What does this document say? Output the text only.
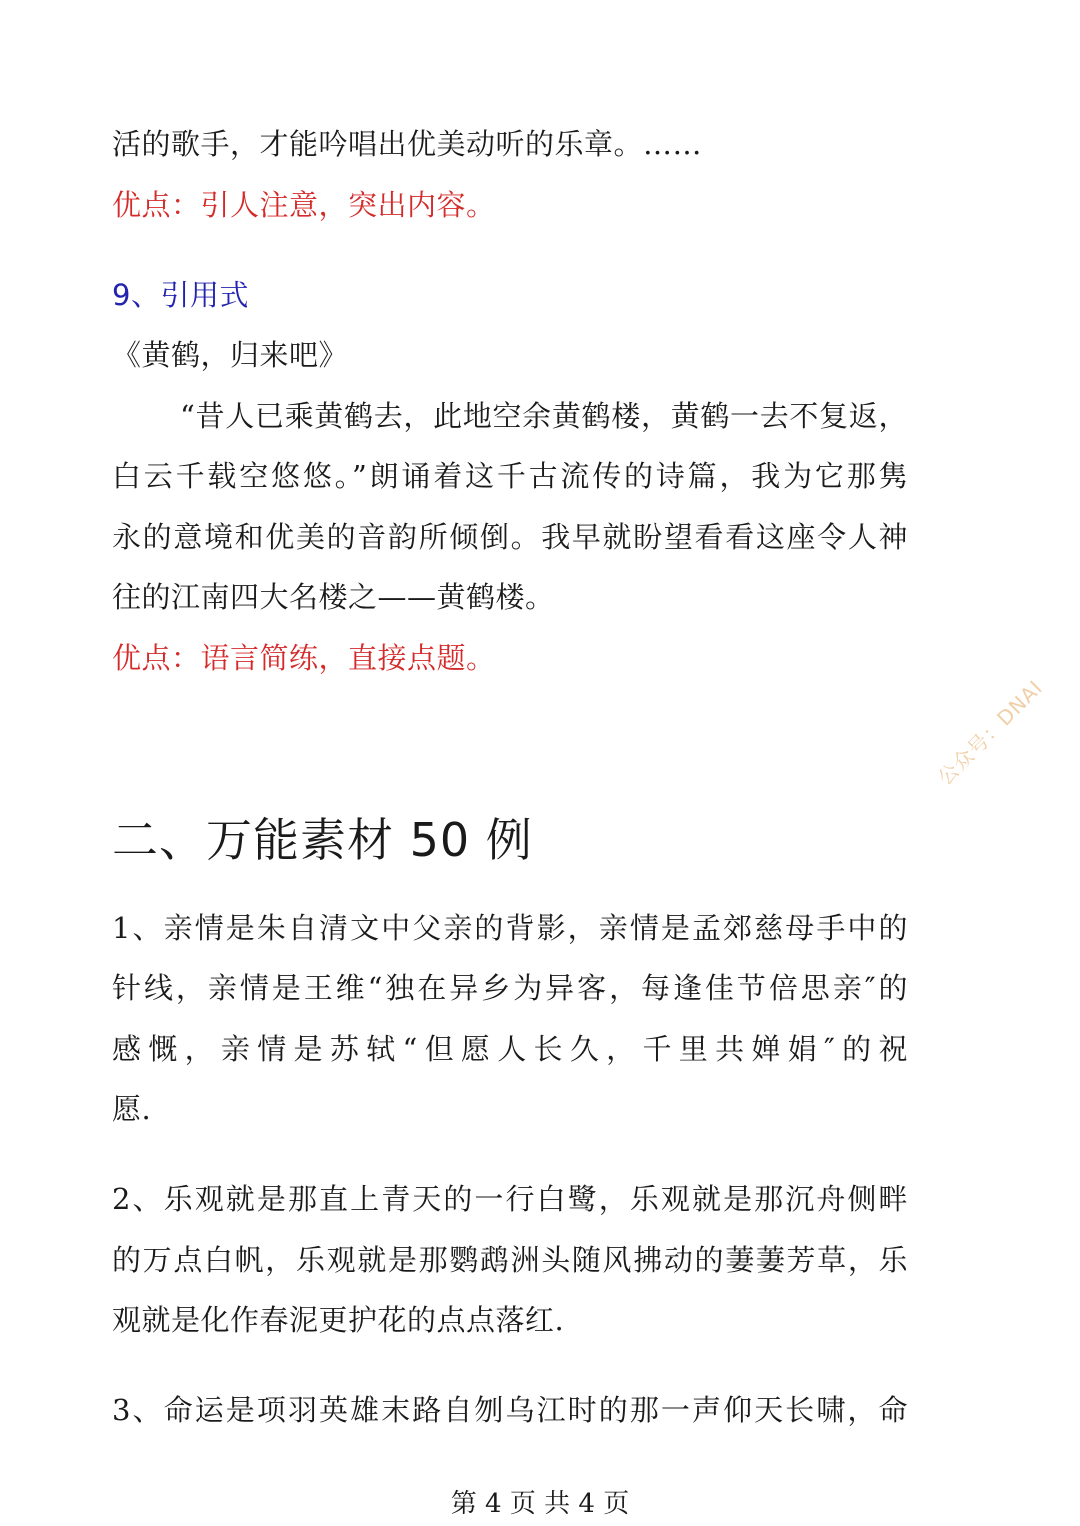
活的歌手，才能吟唱出优美动听的乐章。……
优点：引人注意，突出内容。
9、引用式
《黄鹤，归来吧》
“昔人已乘黄鹤去，此地空余黄鹤楼，黄鹤一去不复返，
白云千载空悠悠。”朗诵着这千古流传的诗篇，我为它那隽
永的意境和优美的音韵所倾倒。我早就盼望看看这座令人神
往的江南四大名楼之——黄鹤楼。
优点：语言简练，直接点题。
公众号：DNAI
二、万能素材 50 例
1、亲情是朱自清文中父亲的背影，亲情是孟郊慈母手中的
针线，亲情是王维“独在异乡为异客，每逢佳节倍思亲″的
感慨，亲情是苏轼“但愿人长久，千里共婵娟″的祝
愿.
2、乐观就是那直上青天的一行白鹭，乐观就是那沉舟侧畔
的万点白帆，乐观就是那鹦鹉洲头随风拂动的萋萋芳草，乐
观就是化作春泥更护花的点点落红.
3、命运是项羽英雄末路自刎乌江时的那一声仰天长啸，命
第 4 页 共 4 页
